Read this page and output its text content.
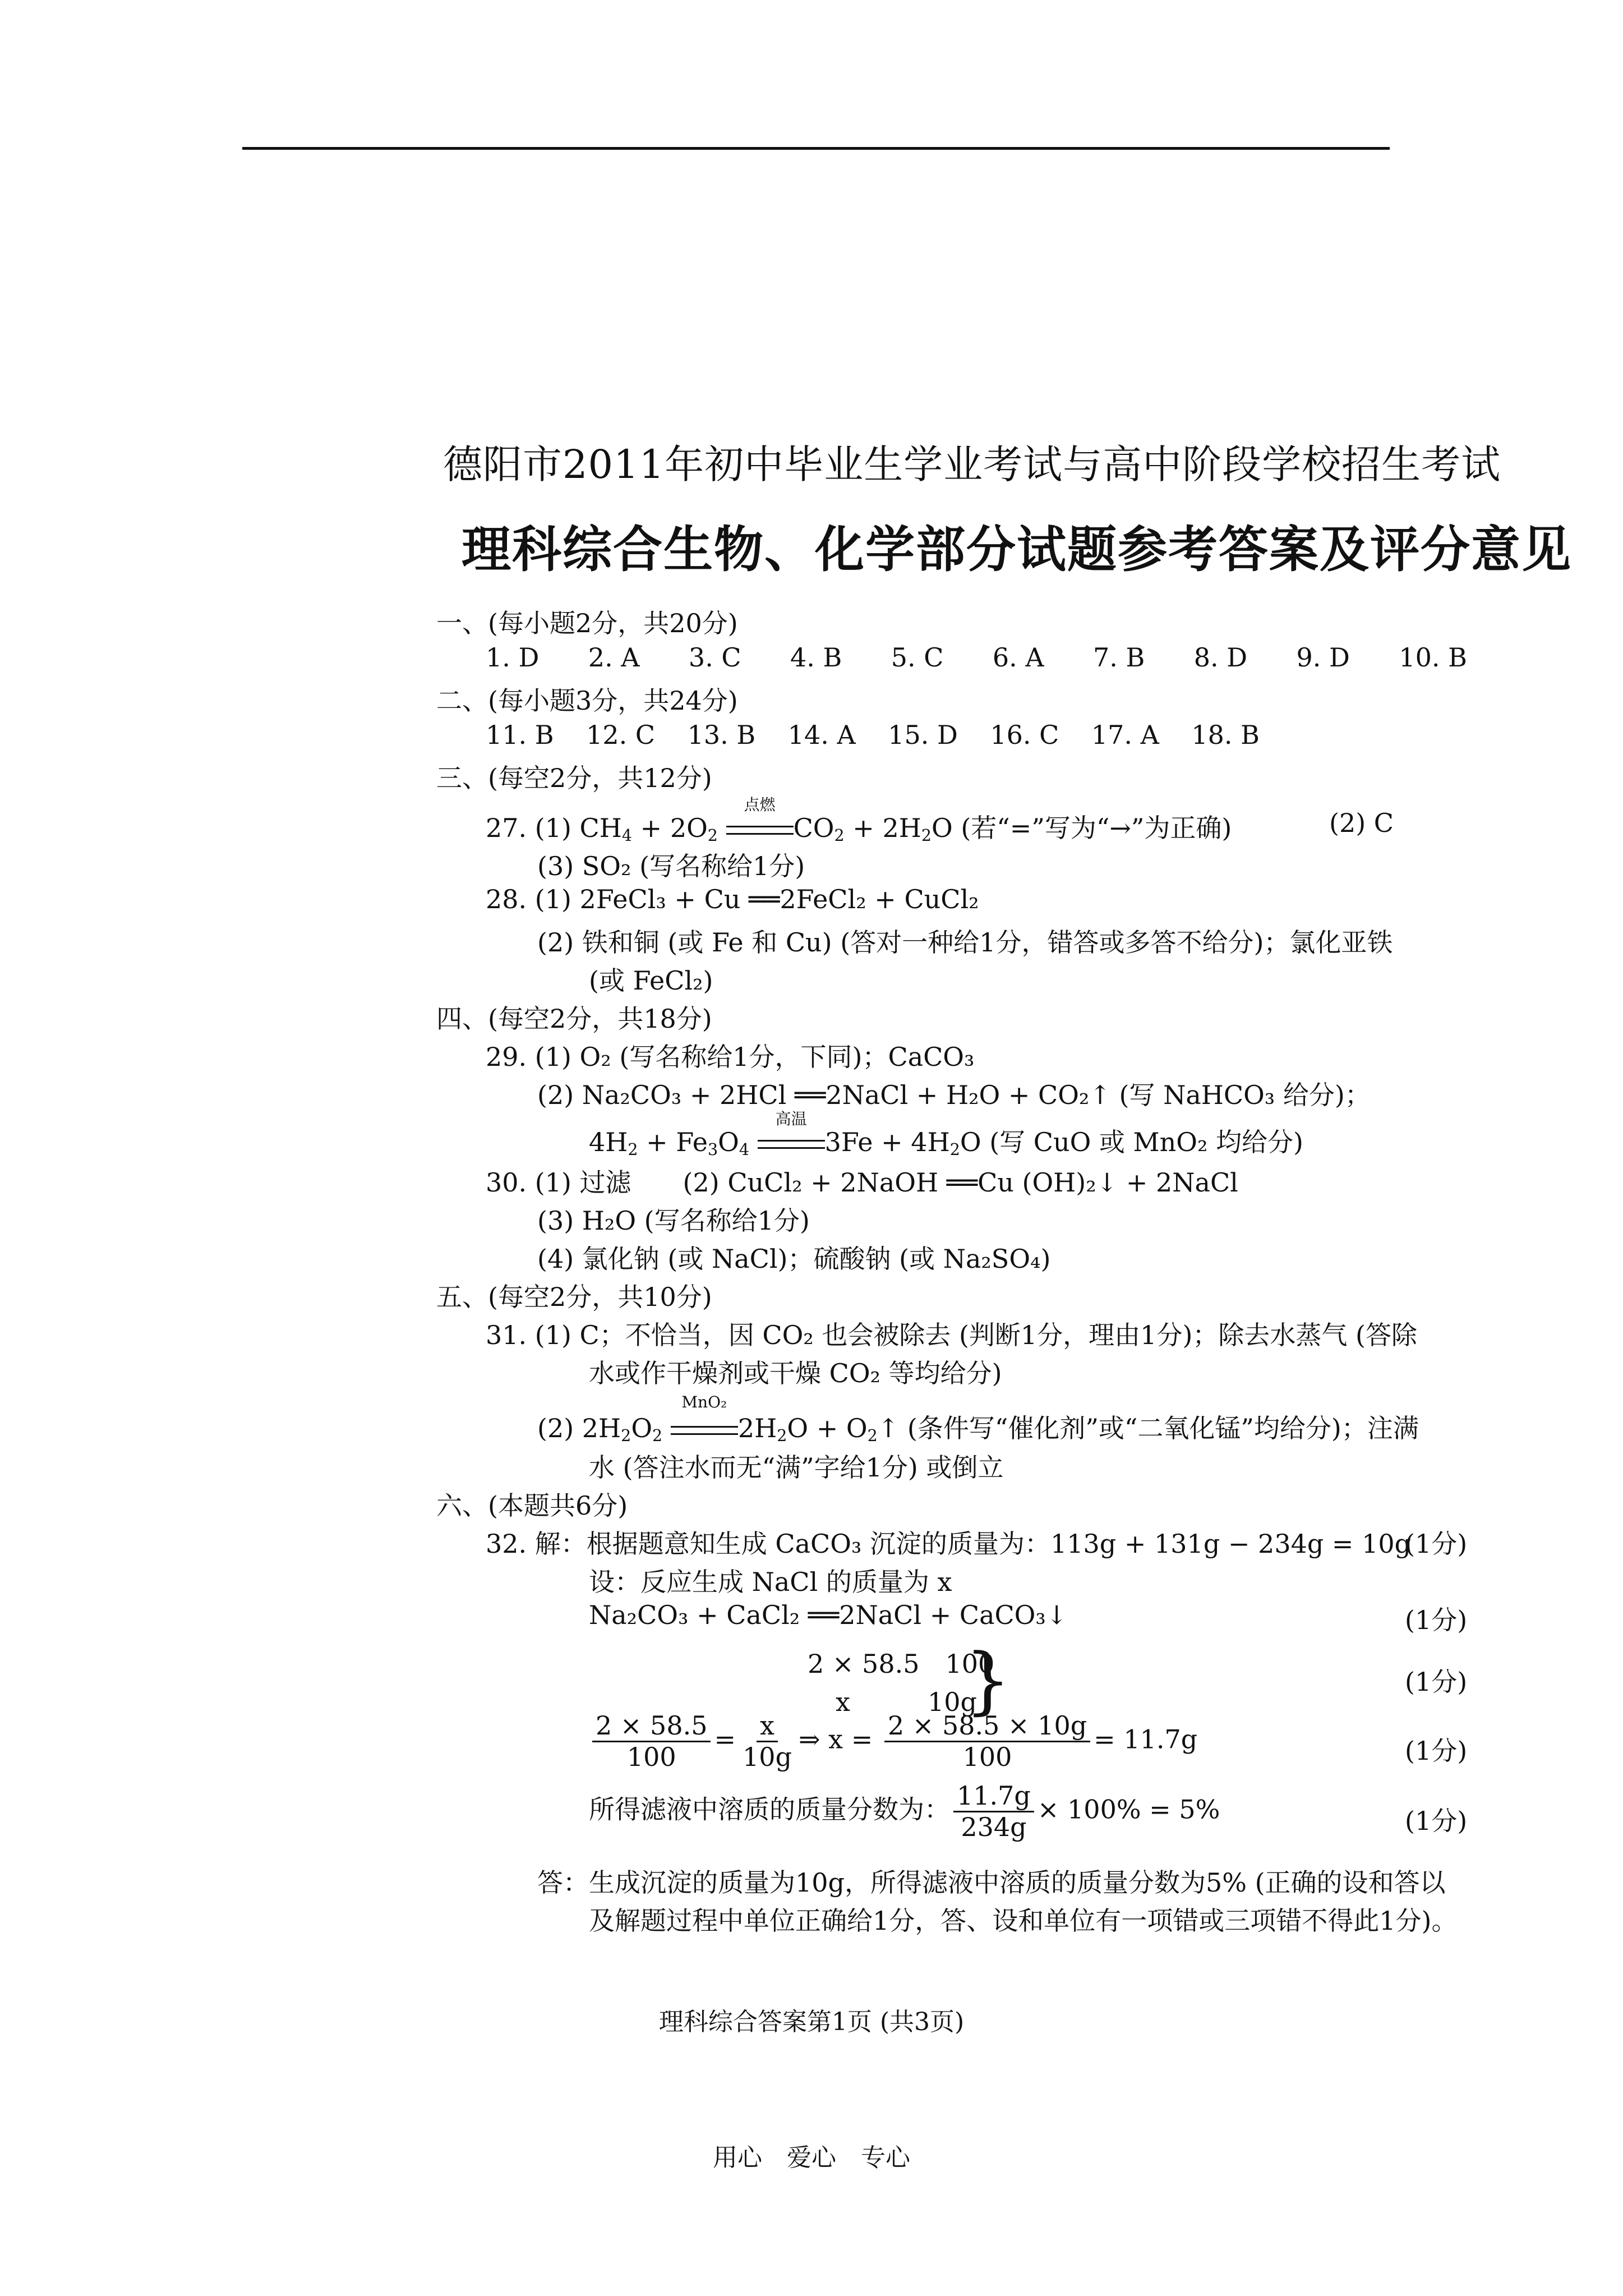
德阳市2011年初中毕业生学业考试与高中阶段学校招生考试
理科综合生物、化学部分试题参考答案及评分意见
一、(每小题2分，共20分)
1. D 2. A 3. C 4. B 5. C 6. A 7. B 8. D 9. D 10. B
二、(每小题3分，共24分)
11. B 12. C 13. B 14. A 15. D 16. C 17. A 18. B
三、(每空2分，共12分)
27. (1) $CH_4 + 2O_2$
点燃
$CO_2 + 2H_2O$ (若“=”写为“→”为正确)	(2) C
(3) SO₂ (写名称给1分)
28. (1) 2FeCl₃ + Cu ══2FeCl₂ + CuCl₂
(2) 铁和铜 (或 Fe 和 Cu) (答对一种给1分，错答或多答不给分)；氯化亚铁
(或 FeCl₂)
四、(每空2分，共18分)
29. (1) O₂ (写名称给1分，下同)；CaCO₃
(2) Na₂CO₃ + 2HCl ══2NaCl + H₂O + CO₂↑ (写 NaHCO₃ 给分)；
$4H_2 + Fe_3O_4$
高温
$3Fe + 4H_2O$ (写 CuO 或 MnO₂ 均给分)
30. (1) 过滤　　(2) CuCl₂ + 2NaOH ══Cu (OH)₂↓ + 2NaCl
(3) H₂O (写名称给1分)
(4) 氯化钠 (或 NaCl)；硫酸钠 (或 Na₂SO₄)
五、(每空2分，共10分)
31. (1) C；不恰当，因 CO₂ 也会被除去 (判断1分，理由1分)；除去水蒸气 (答除
水或作干燥剂或干燥 CO₂ 等均给分)
(2) $2H_2O_2$
MnO₂
$2H_2O$ + $O_2↑$ (条件写“催化剂”或“二氧化锰”均给分)；注满
水 (答注水而无“满”字给1分) 或倒立
六、(本题共6分)
32. 解：根据题意知生成 CaCO₃ 沉淀的质量为：113g + 131g − 234g = 10g
(1分)
设：反应生成 NaCl 的质量为 x
Na₂CO₃ + CaCl₂ ══2NaCl + CaCO₃↓	(1分)
2 × 58.5　100
x　　　10g
}	(1分)
$\frac{2 \times 58.5}{100} = \frac{x}{10g}$ ⇒ $x = \frac{2 \times 58.5 \times 10g}{100} = 11.7g$	(1分)
所得滤液中溶质的质量分数为： $\frac{11.7g}{234g} \times 100\% = 5\%$	(1分)
答：生成沉淀的质量为10g，所得滤液中溶质的质量分数为5% (正确的设和答以
及解题过程中单位正确给1分，答、设和单位有一项错或三项错不得此1分)。
理科综合答案第1页 (共3页)
用心　爱心　专心
